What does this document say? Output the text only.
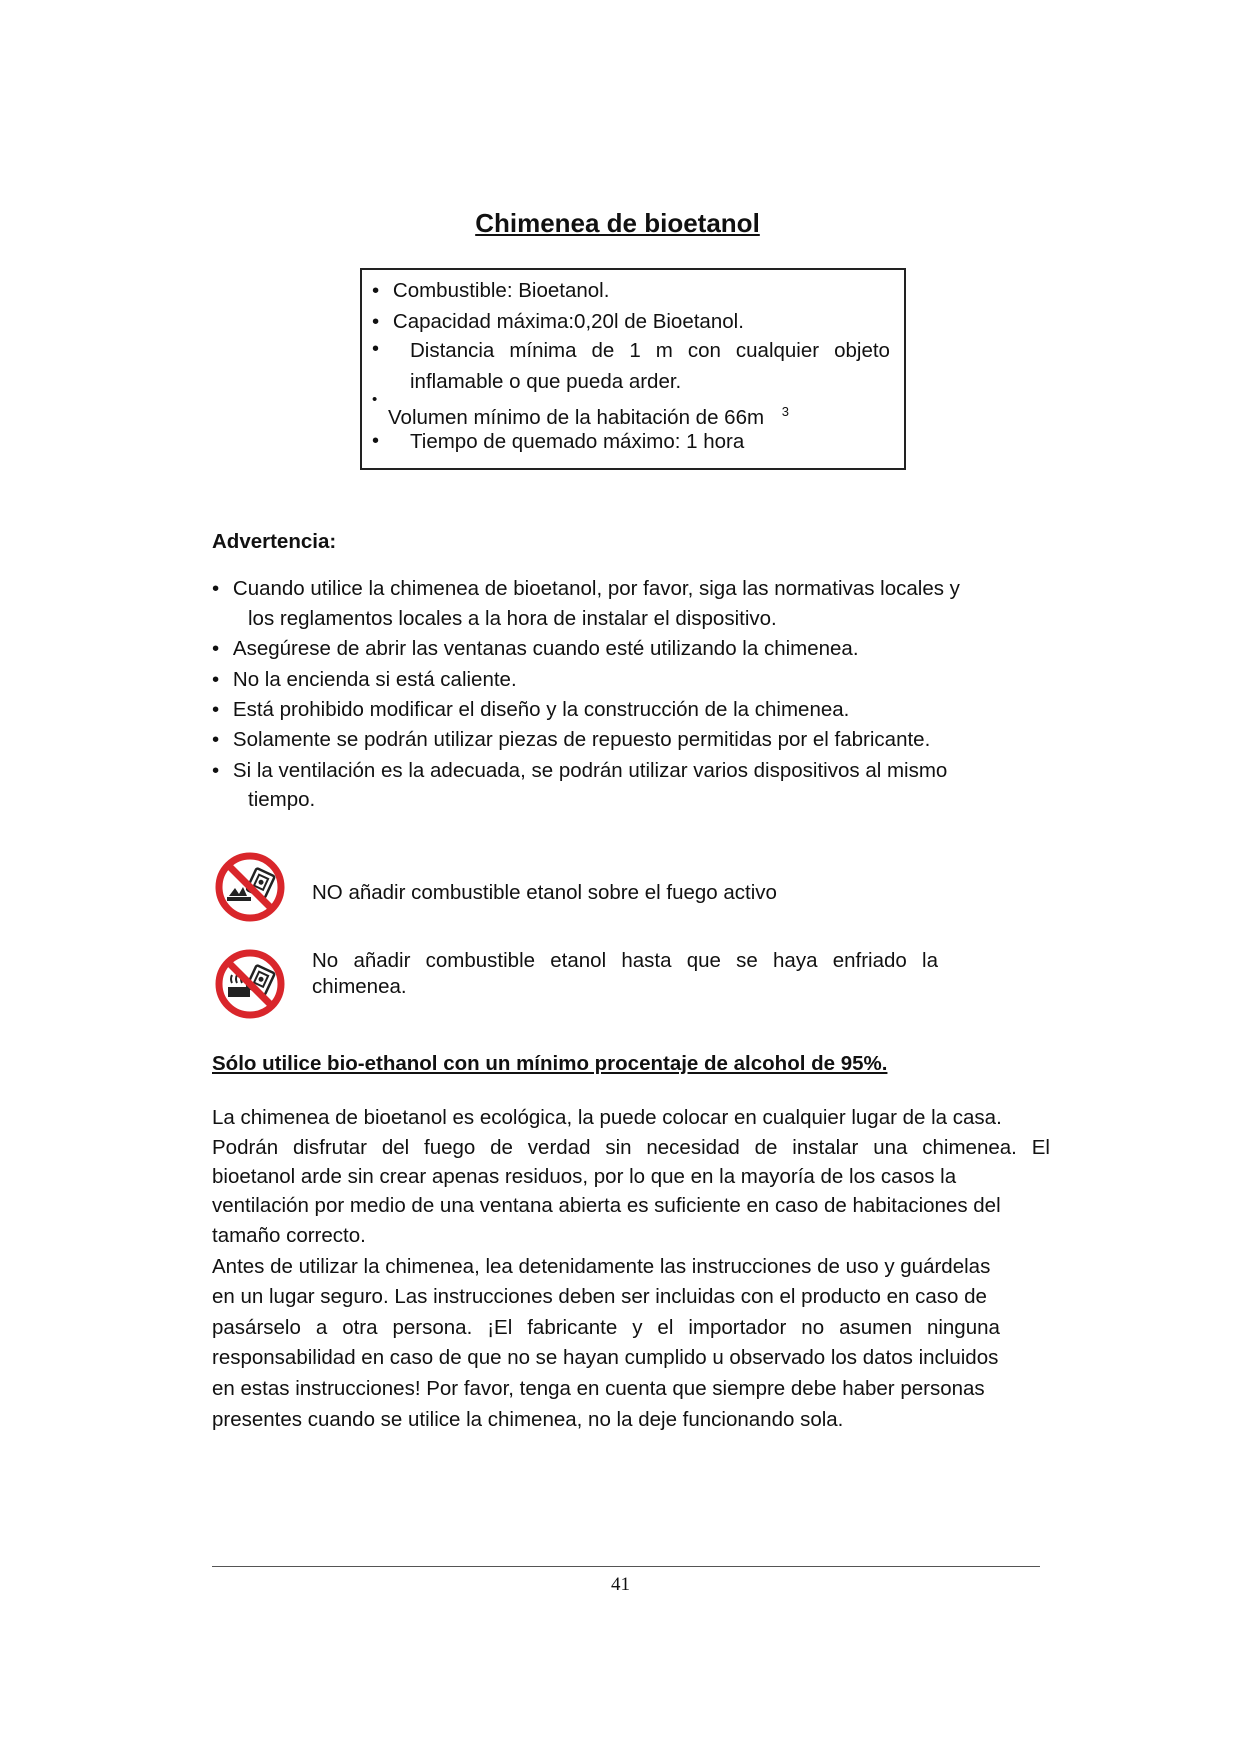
Chimenea de bioetanol
• Combustible: Bioetanol.
• Capacidad máxima:0,20l de Bioetanol.
• Distancia mínima de 1 m con cualquier objeto
inflamable o que pueda arder.
•
Volumen mínimo de la habitación de 66m $^3$
• Tiempo de quemado máximo: 1 hora
Advertencia:
• Cuando utilice la chimenea de bioetanol, por favor, siga las normativas locales y
los reglamentos locales a la hora de instalar el dispositivo.
• Asegúrese de abrir las ventanas cuando esté utilizando la chimenea.
• No la encienda si está caliente.
• Está prohibido modificar el diseño y la construcción de la chimenea.
• Solamente se podrán utilizar piezas de repuesto permitidas por el fabricante.
• Si la ventilación es la adecuada, se podrán utilizar varios dispositivos al mismo
tiempo.
NO añadir combustible etanol sobre el fuego activo
No añadir combustible etanol hasta que se haya enfriado la
chimenea.
Sólo utilice bio-ethanol con un mínimo procentaje de alcohol de 95%.
La chimenea de bioetanol es ecológica, la puede colocar en cualquier lugar de la casa.
Podrán disfrutar del fuego de verdad sin necesidad de instalar una chimenea. El
bioetanol arde sin crear apenas residuos, por lo que en la mayoría de los casos la
ventilación por medio de una ventana abierta es suficiente en caso de habitaciones del
tamaño correcto.
Antes de utilizar la chimenea, lea detenidamente las instrucciones de uso y guárdelas
en un lugar seguro. Las instrucciones deben ser incluidas con el producto en caso de
pasárselo a otra persona. ¡El fabricante y el importador no asumen ninguna
responsabilidad en caso de que no se hayan cumplido u observado los datos incluidos
en estas instrucciones! Por favor, tenga en cuenta que siempre debe haber personas
presentes cuando se utilice la chimenea, no la deje funcionando sola.
41
